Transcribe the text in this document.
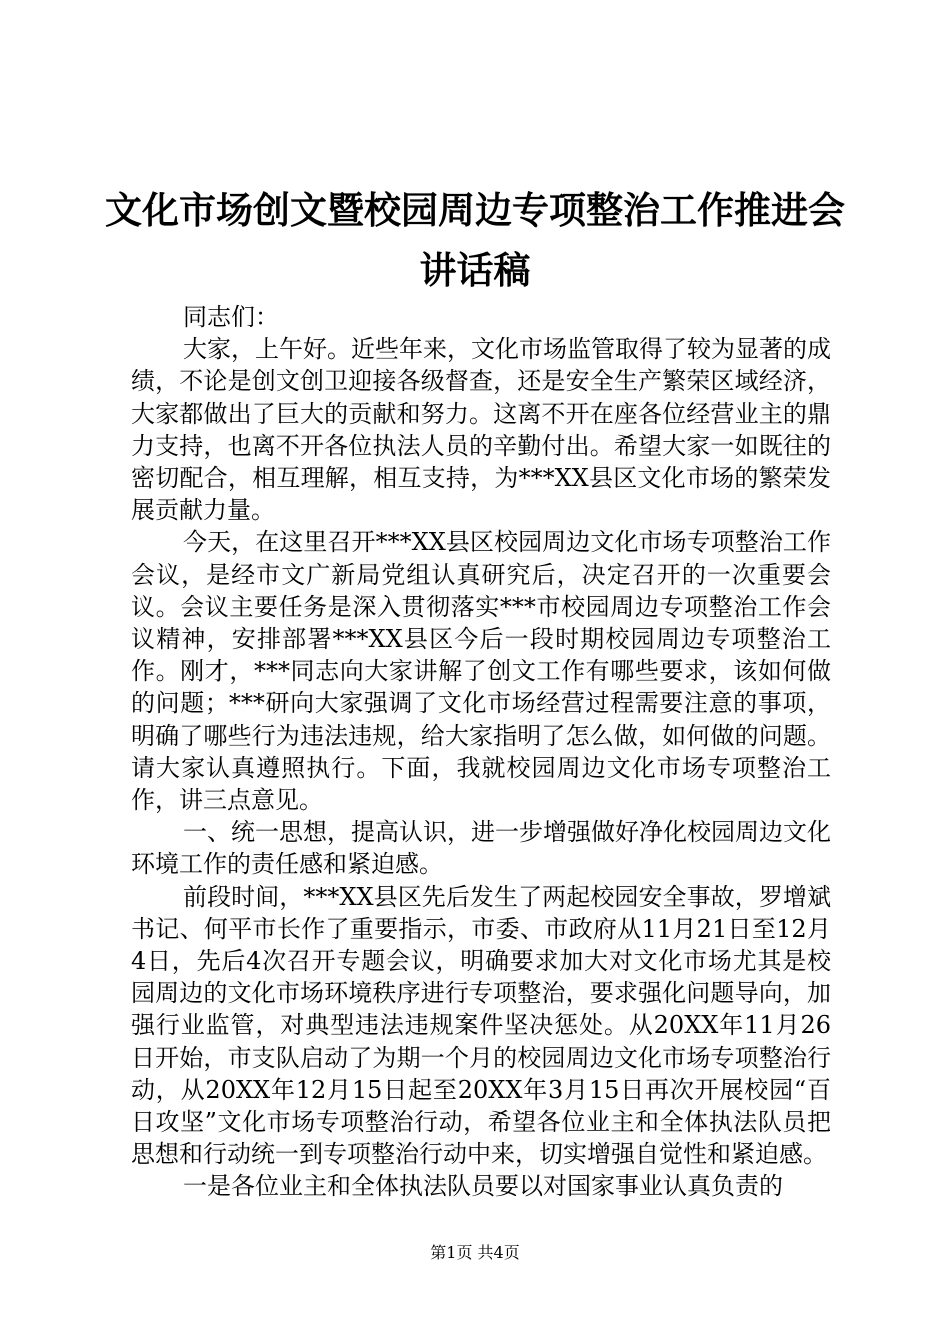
文化市场创文暨校园周边专项整治工作推进会
讲话稿

同志们：

大家，上午好。近些年来，文化市场监管取得了较为显著的成绩，不论是创文创卫迎接各级督查，还是安全生产繁荣区域经济，大家都做出了巨大的贡献和努力。这离不开在座各位经营业主的鼎力支持，也离不开各位执法人员的辛勤付出。希望大家一如既往的密切配合，相互理解，相互支持，为***XX县区文化市场的繁荣发展贡献力量。

今天，在这里召开***XX县区校园周边文化市场专项整治工作会议，是经市文广新局党组认真研究后，决定召开的一次重要会议。会议主要任务是深入贯彻落实***市校园周边专项整治工作会议精神，安排部署***XX县区今后一段时期校园周边专项整治工作。刚才，***同志向大家讲解了创文工作有哪些要求，该如何做的问题；***研向大家强调了文化市场经营过程需要注意的事项，明确了哪些行为违法违规，给大家指明了怎么做，如何做的问题。请大家认真遵照执行。下面，我就校园周边文化市场专项整治工作，讲三点意见。

一、统一思想，提高认识，进一步增强做好净化校园周边文化环境工作的责任感和紧迫感。

前段时间，***XX县区先后发生了两起校园安全事故，罗增斌书记、何平市长作了重要指示，市委、市政府从11月21日至12月4日，先后4次召开专题会议，明确要求加大对文化市场尤其是校园周边的文化市场环境秩序进行专项整治，要求强化问题导向，加强行业监管，对典型违法违规案件坚决惩处。从20XX年11月26日开始，市支队启动了为期一个月的校园周边文化市场专项整治行动，从20XX年12月15日起至20XX年3月15日再次开展校园“百日攻坚”文化市场专项整治行动，希望各位业主和全体执法队员把思想和行动统一到专项整治行动中来，切实增强自觉性和紧迫感。

一是各位业主和全体执法队员要以对国家事业认真负责的

第1页 共4页
